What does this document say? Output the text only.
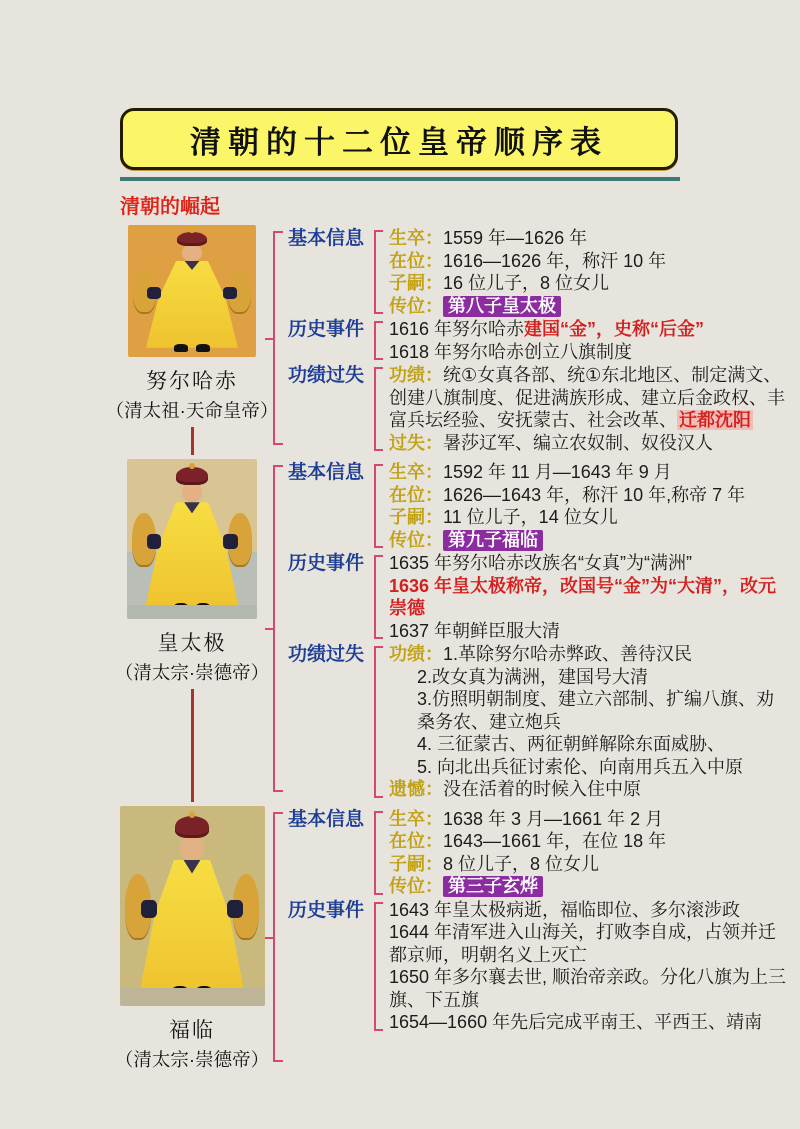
清朝的十二位皇帝顺序表
清朝的崛起
努尔哈赤
（清太祖·天命皇帝）
基本信息	生卒：1559 年—1626 年
在位：1616—1626 年，称汗 10 年
子嗣：16 位儿子，8 位女儿
传位： 第八子皇太极
历史事件	1616 年努尔哈赤建国“金”，史称“后金”
1618 年努尔哈赤创立八旗制度
功绩过失	功绩：统①女真各部、统①东北地区、制定满文、创建八旗制度、促进满族形成、建立后金政权、丰富兵坛经验、安抚蒙古、社会改革、 迁都沈阳
过失：暑莎辽军、编立农奴制、奴役汉人
皇太极
（清太宗·崇德帝）
基本信息	生卒：1592 年 11 月—1643 年 9 月
在位：1626—1643 年，称汗 10 年,称帝 7 年
子嗣：11 位儿子，14 位女儿
传位： 第九子福临
历史事件	1635 年努尔哈赤改族名“女真”为“满洲”
1636 年皇太极称帝，改国号“金”为“大清”，改元崇德
1637 年朝鲜臣服大清
功绩过失	功绩：1.革除努尔哈赤弊政、善待汉民
2.改女真为满洲，建国号大清
3.仿照明朝制度、建立六部制、扩编八旗、劝桑务农、建立炮兵
4. 三征蒙古、两征朝鲜解除东面威胁、
5. 向北出兵征讨索伦、向南用兵五入中原
遗憾：没在活着的时候入住中原
福临
（清太宗·崇德帝）
基本信息	生卒：1638 年 3 月—1661 年 2 月
在位：1643—1661 年，在位 18 年
子嗣：8 位儿子，8 位女儿
传位： 第三子玄烨
历史事件	1643 年皇太极病逝，福临即位、多尔滚涉政
1644 年清军进入山海关，打败李自成，占领并迁都京师，明朝名义上灭亡
1650 年多尔襄去世, 顺治帝亲政。分化八旗为上三旗、下五旗
1654—1660 年先后完成平南王、平西王、靖南
